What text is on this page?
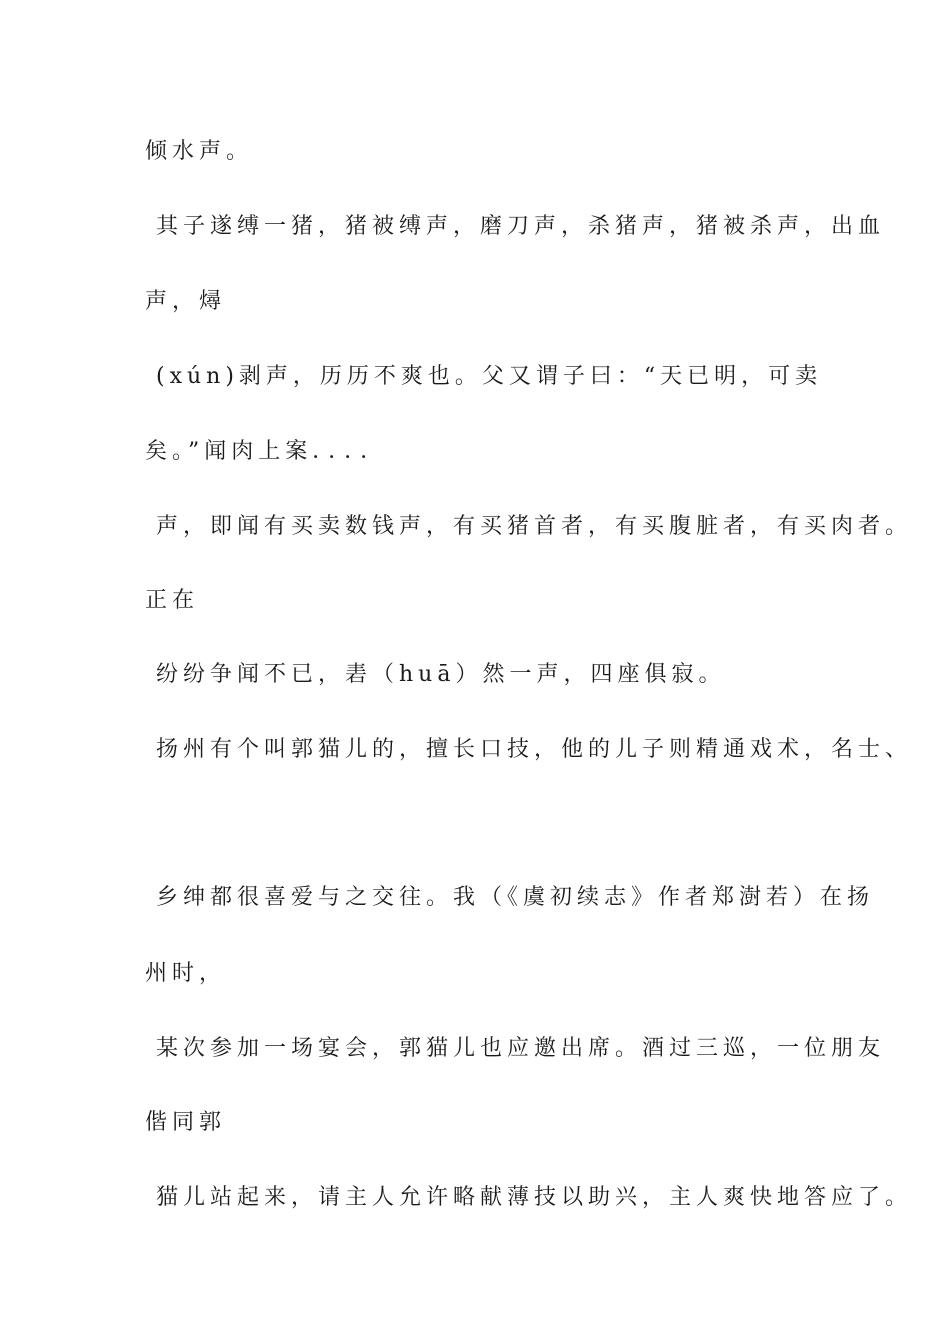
倾水声。
其子遂缚一猪，猪被缚声，磨刀声，杀猪声，猪被杀声，出血
声，燖
(xún)剥声，历历不爽也。父又谓子曰：“天已明，可卖
矣。”闻肉上案．．．．
声，即闻有买卖数钱声，有买猪首者，有买腹脏者，有买肉者。
正在
纷纷争闻不已，砉（huā）然一声，四座俱寂。
扬州有个叫郭猫儿的，擅长口技，他的儿子则精通戏术，名士、
乡绅都很喜爱与之交往。我（《虞初续志》作者郑澍若）在扬
州时，
某次参加一场宴会，郭猫儿也应邀出席。酒过三巡，一位朋友
偕同郭
猫儿站起来，请主人允许略献薄技以助兴，主人爽快地答应了。
